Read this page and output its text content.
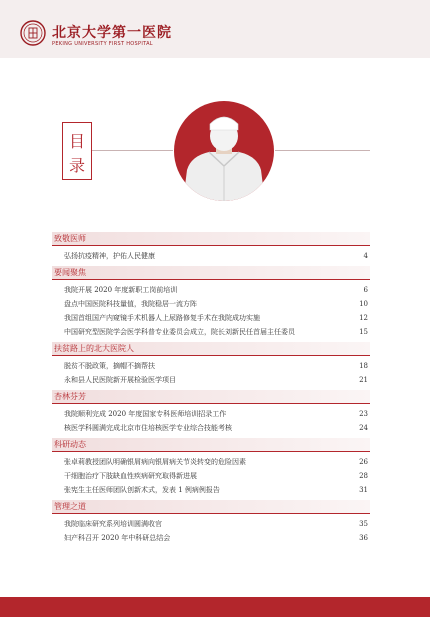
北京大学第一医院
PEKING UNIVERSITY FIRST HOSPITAL
目
录
致敬医师
弘扬抗疫精神，护佑人民健康	4
要闻聚焦
我院开展 2020 年度新职工岗前培训	6
盘点中国医院科技量值，我院稳居一流方阵	10
我国首组国产内窥镜手术机器人上尿路修复手术在我院成功实施	12
中国研究型医院学会医学科普专业委员会成立，院长刘新民任首届主任委员	15
扶贫路上的北大医院人
脱贫不脱政策，摘帽不摘帮扶	18
永和县人民医院新开展检验医学项目	21
杏林芬芳
我院顺利完成 2020 年度国家专科医师培训招录工作	23
核医学科圆满完成北京市住培核医学专业综合技能考核	24
科研动态
张卓莉教授团队明确银屑病向银屑病关节炎转变的危险因素	26
干细胞治疗下肢缺血性疾病研究取得新进展	28
张宪生主任医师团队创新术式，发表 1 例病例报告	31
管理之道
我院临床研究系列培训圆满收官	35
妇产科召开 2020 年中科研总结会	36
